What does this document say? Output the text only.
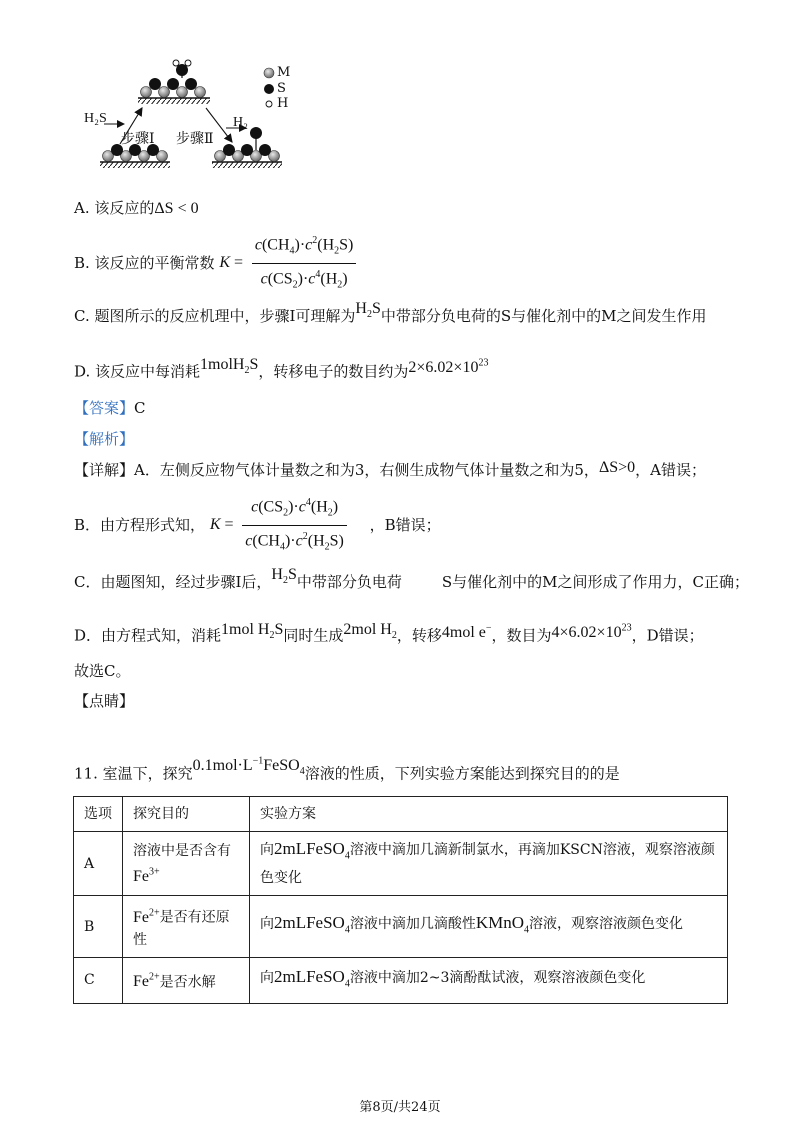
H₂S
步骤Ⅰ 步骤Ⅱ
H₂
M
S
H
A. 该反应的ΔS < 0
B. 该反应的平衡常数 $K = \frac{c(CH_4)\cdot c^2(H_2S)}{c(CS_2)\cdot c^4(H_2)}$
C. 题图所示的反应机理中，步骤Ⅰ可理解为$H_2S$中带部分负电荷的S与催化剂中的M之间发生作用
D. 该反应中每消耗1molH$_2$S，转移电子的数目约为$2\times 6.02\times 10^{23}$
【答案】C
【解析】
【详解】A．左侧反应物气体计量数之和为3，右侧生成物气体计量数之和为5，ΔS>0，A错误；
B．由方程形式知， $K = \frac{c(CS_2)\cdot c^4(H_2)}{c(CH_4)\cdot c^2(H_2S)}$ ，B错误；
C．由题图知，经过步骤Ⅰ后，$H_2S$中带部分负电荷	S与催化剂中的M之间形成了作用力，C正确；
D．由方程式知，消耗1mol $H_2S$同时生成2mol $H_2$，转移4mol e−，数目为$4\times 6.02\times 10^{23}$，D错误；
故选C。
【点睛】
11. 室温下，探究$0.1mol\cdot L^{-1}FeSO_4$溶液的性质，下列实验方案能达到探究目的的是
选项	探究目的	实验方案
A	溶液中是否含有
$Fe^{3+}$	向2mLFeSO$_4$溶液中滴加几滴新制氯水，再滴加KSCN溶液，观察溶液颜色变化
B	$Fe^{2+}$是否有还原性	向2mLFeSO$_4$溶液中滴加几滴酸性KMnO$_4$溶液，观察溶液颜色变化
C	$Fe^{2+}$是否水解	向2mLFeSO$_4$溶液中滴加2~3滴酚酞试液，观察溶液颜色变化
第8页/共24页
